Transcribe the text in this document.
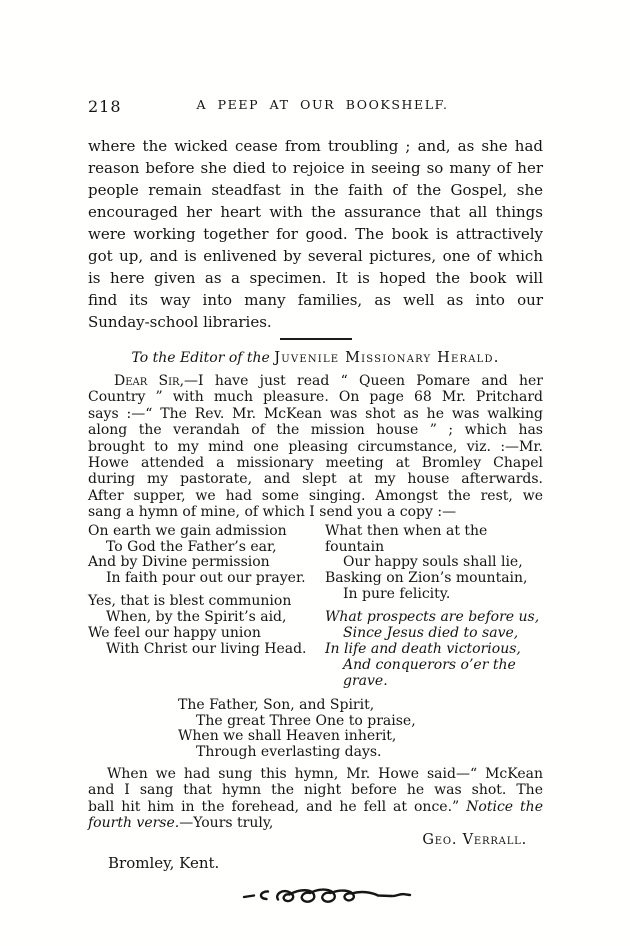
218	A PEEP AT OUR BOOKSHELF.
where the wicked cease from troubling ; and, as she had
reason before she died to rejoice in seeing so many of her
people remain steadfast in the faith of the Gospel, she
encouraged her heart with the assurance that all things
were working together for good. The book is attractively
got up, and is enlivened by several pictures, one of which
is here given as a specimen. It is hoped the book will
find its way into many families, as well as into our
Sunday-school libraries.
To the Editor of the Juvenile Missionary Herald.
Dear Sir,—I have just read “ Queen Pomare and her
Country ” with much pleasure. On page 68 Mr. Pritchard
says :—“ The Rev. Mr. McKean was shot as he was walking
along the verandah of the mission house ” ; which has
brought to my mind one pleasing circumstance, viz. :—Mr.
Howe attended a missionary meeting at Bromley Chapel
during my pastorate, and slept at my house afterwards.
After supper, we had some singing. Amongst the rest, we
sang a hymn of mine, of which I send you a copy :—
On earth we gain admission
To God the Father’s ear,
And by Divine permission
In faith pour out our prayer.
Yes, that is blest communion
When, by the Spirit’s aid,
We feel our happy union
With Christ our living Head.
What then when at the fountain
Our happy souls shall lie,
Basking on Zion’s mountain,
In pure felicity.
What prospects are before us,
Since Jesus died to save,
In life and death victorious,
And conquerors o’er the grave.
The Father, Son, and Spirit,
The great Three One to praise,
When we shall Heaven inherit,
Through everlasting days.
When we had sung this hymn, Mr. Howe said—“ McKean
and I sang that hymn the night before he was shot. The
ball hit him in the forehead, and he fell at once.” Notice the
fourth verse.—Yours truly,
Geo. Verrall.
Bromley, Kent.
